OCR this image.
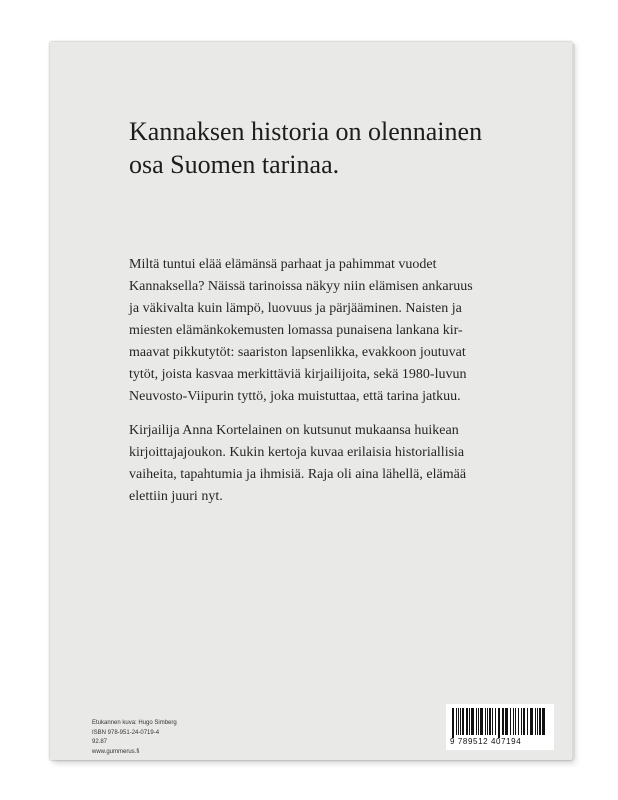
Kannaksen historia on olennainen
osa Suomen tarinaa.

Miltä tuntui elää elämänsä parhaat ja pahimmat vuodet
Kannaksella? Näissä tarinoissa näkyy niin elämisen ankaruus
ja väkivalta kuin lämpö, luovuus ja pärjääminen. Naisten ja
miesten elämänkokemusten lomassa punaisena lankana kir-
maavat pikkutytöt: saariston lapsenlikka, evakkoon joutuvat
tytöt, joista kasvaa merkittäviä kirjailijoita, sekä 1980-luvun
Neuvosto-Viipurin tyttö, joka muistuttaa, että tarina jatkuu.

Kirjailija Anna Kortelainen on kutsunut mukaansa huikean
kirjoittajajoukon. Kukin kertoja kuvaa erilaisia historiallisia
vaiheita, tapahtumia ja ihmisiä. Raja oli aina lähellä, elämää
elettiin juuri nyt.

Etukannen kuva: Hugo Simberg
ISBN 978-951-24-0719-4
92.87
www.gummerus.fi
9 789512 407194
